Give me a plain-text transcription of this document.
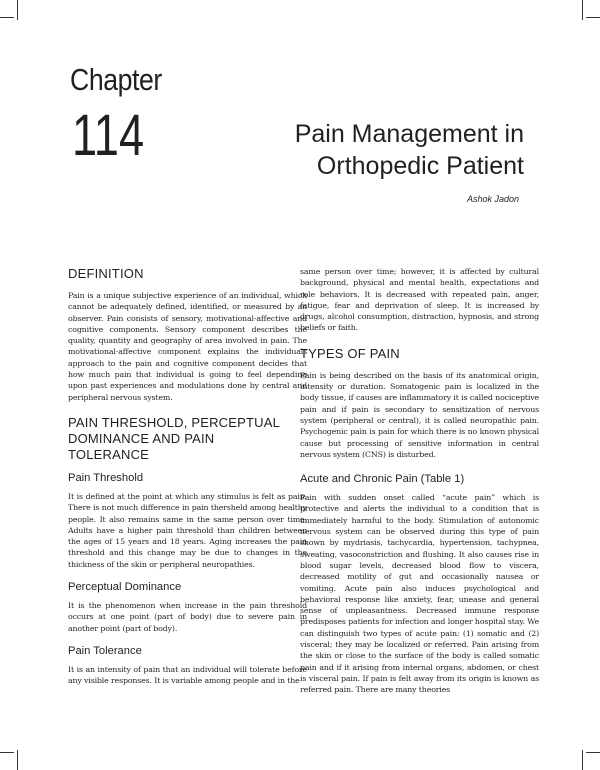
Chapter
114	Pain Management in
Orthopedic Patient
Ashok Jadon
DEFINITION

Pain is a unique subjective experience of an individual, which cannot be adequately defined, identified, or measured by an observer. Pain consists of sensory, motivational-affective and cognitive components. Sensory component describes the quality, quantity and geography of area involved in pain. The motivational-affective component explains the individuals approach to the pain and cognitive component decides that how much pain that individual is going to feel depending upon past experiences and modulations done by central and peripheral nervous system.

PAIN THRESHOLD, PERCEPTUAL
DOMINANCE AND PAIN
TOLERANCE
Pain Threshold

It is defined at the point at which any stimulus is felt as pain. There is not much difference in pain thersheld among healthy people. It also remains same in the same person over time. Adults have a higher pain threshold than children between the ages of 15 years and 18 years. Aging increases the pain threshold and this change may be due to changes in the thickness of the skin or peripheral neuropathies.

Perceptual Dominance

It is the phenomenon when increase in the pain threshold occurs at one point (part of body) due to severe pain in another point (part of body).

Pain Tolerance

It is an intensity of pain that an individual will tolerate before any visible responses. It is variable among people and in the

same person over time; however, it is affected by cultural background, physical and mental health, expectations and role behaviors. It is decreased with repeated pain, anger, fatigue, fear and deprivation of sleep. It is increased by drugs, alcohol consumption, distraction, hypnosis, and strong beliefs or faith.

TYPES OF PAIN

Pain is being described on the basis of its anatomical origin, intensity or duration. Somatogenic pain is localized in the body tissue, if causes are inflammatory it is called nociceptive pain and if pain is secondary to sensitization of nervous system (peripheral or central), it is called neuropathic pain. Psychogenic pain is pain for which there is no known physical cause but processing of sensitive information in central nervous system (CNS) is disturbed.

Acute and Chronic Pain (Table 1)

Pain with sudden onset called “acute pain” which is protective and alerts the individual to a condition that is immediately harmful to the body. Stimulation of autonomic nervous system can be observed during this type of pain shown by mydriasis, tachycardia, hypertension, tachypnea, sweating, vasoconstriction and flushing. It also causes rise in blood sugar levels, decreased blood flow to viscera, decreased motility of gut and occasionally nausea or vomiting. Acute pain also induces psychological and behavioral response like anxiety, fear, unease and general sense of unpleasantness. Decreased immune response predisposes patients for infection and longer hospital stay. We can distinguish two types of acute pain: (1) somatic and (2) visceral; they may be localized or referred. Pain arising from the skin or close to the surface of the body is called somatic pain and if it arising from internal organs, abdomen, or chest is visceral pain. If pain is felt away from its origin is known as referred pain. There are many theories
